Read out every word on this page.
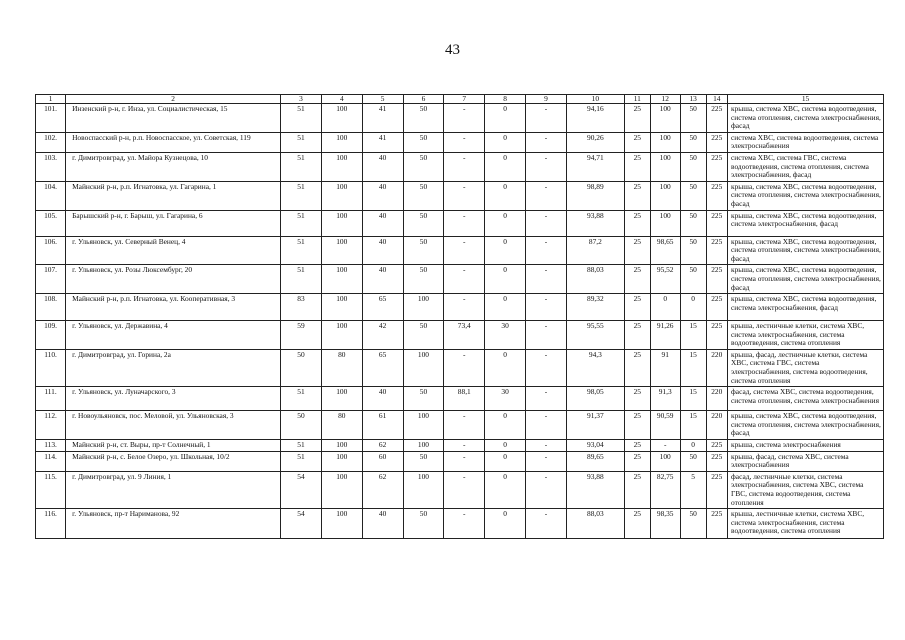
43
1	2	3	4	5	6	7	8	9	10	11	12	13	14	15
101.	Инзенский р-н, г. Инза, ул. Социалистическая, 15	51	100	41	50	-	0	-	94,16	25	100	50	225	крыша, система ХВС, система водоотведения, система отопления, система электроснабжения, фасад
102.	Новоспасский р-н, р.п. Новоспасское, ул. Советская, 119	51	100	41	50	-	0	-	90,26	25	100	50	225	система ХВС, система водоотведения, система электроснабжения
103.	г. Димитровград, ул. Майора Кузнецова, 10	51	100	40	50	-	0	-	94,71	25	100	50	225	система ХВС, система ГВС, система водоотведения, система отопления, система электроснабжения, фасад
104.	Майнский р-н, р.п. Игнатовка, ул. Гагарина, 1	51	100	40	50	-	0	-	98,89	25	100	50	225	крыша, система ХВС, система водоотведения, система отопления, система электроснабжения, фасад
105.	Барышский р-н, г. Барыш, ул. Гагарина, 6	51	100	40	50	-	0	-	93,88	25	100	50	225	крыша, система ХВС, система водоотведения, система электроснабжения, фасад
106.	г. Ульяновск, ул. Северный Венец, 4	51	100	40	50	-	0	-	87,2	25	98,65	50	225	крыша, система ХВС, система водоотведения, система отопления, система электроснабжения, фасад
107.	г. Ульяновск, ул. Розы Люксембург, 20	51	100	40	50	-	0	-	88,03	25	95,52	50	225	крыша, система ХВС, система водоотведения, система отопления, система электроснабжения, фасад
108.	Майнский р-н, р.п. Игнатовка, ул. Кооперативная, 3	83	100	65	100	-	0	-	89,32	25	0	0	225	крыша, система ХВС, система водоотведения, система электроснабжения, фасад
109.	г. Ульяновск, ул. Державина, 4	59	100	42	50	73,4	30	-	95,55	25	91,26	15	225	крыша, лестничные клетки, система ХВС, система электроснабжения, система водоотведения, система отопления
110.	г. Димитровград, ул. Горина, 2а	50	80	65	100	-	0	-	94,3	25	91	15	220	крыша, фасад, лестничные клетки, система ХВС, система ГВС, система электроснабжения, система водоотведения, система отопления
111.	г. Ульяновск, ул. Луначарского, 3	51	100	40	50	88,1	30	-	98,05	25	91,3	15	220	фасад, система ХВС, система водоотведения, система отопления, система электроснабжения
112.	г. Новоульяновск, пос. Меловой, ул. Ульяновская, 3	50	80	61	100	-	0	-	91,37	25	90,59	15	220	крыша, система ХВС, система водоотведения, система отопления, система электроснабжения, фасад
113.	Майнский р-н, ст. Выры, пр-т Солнечный, 1	51	100	62	100	-	0	-	93,04	25	-	0	225	крыша, система электроснабжения
114.	Майнский р-н, с. Белое Озеро, ул. Школьная, 10/2	51	100	60	50	-	0	-	89,65	25	100	50	225	крыша, фасад, система ХВС, система электроснабжения
115.	г. Димитровград, ул. 9 Линия, 1	54	100	62	100	-	0	-	93,88	25	82,75	5	225	фасад, лестничные клетки, система электроснабжения, система ХВС, система ГВС, система водоотведения, система отопления
116.	г. Ульяновск, пр-т Нариманова, 92	54	100	40	50	-	0	-	88,03	25	98,35	50	225	крыша, лестничные клетки, система ХВС, система электроснабжения, система водоотведения, система отопления
